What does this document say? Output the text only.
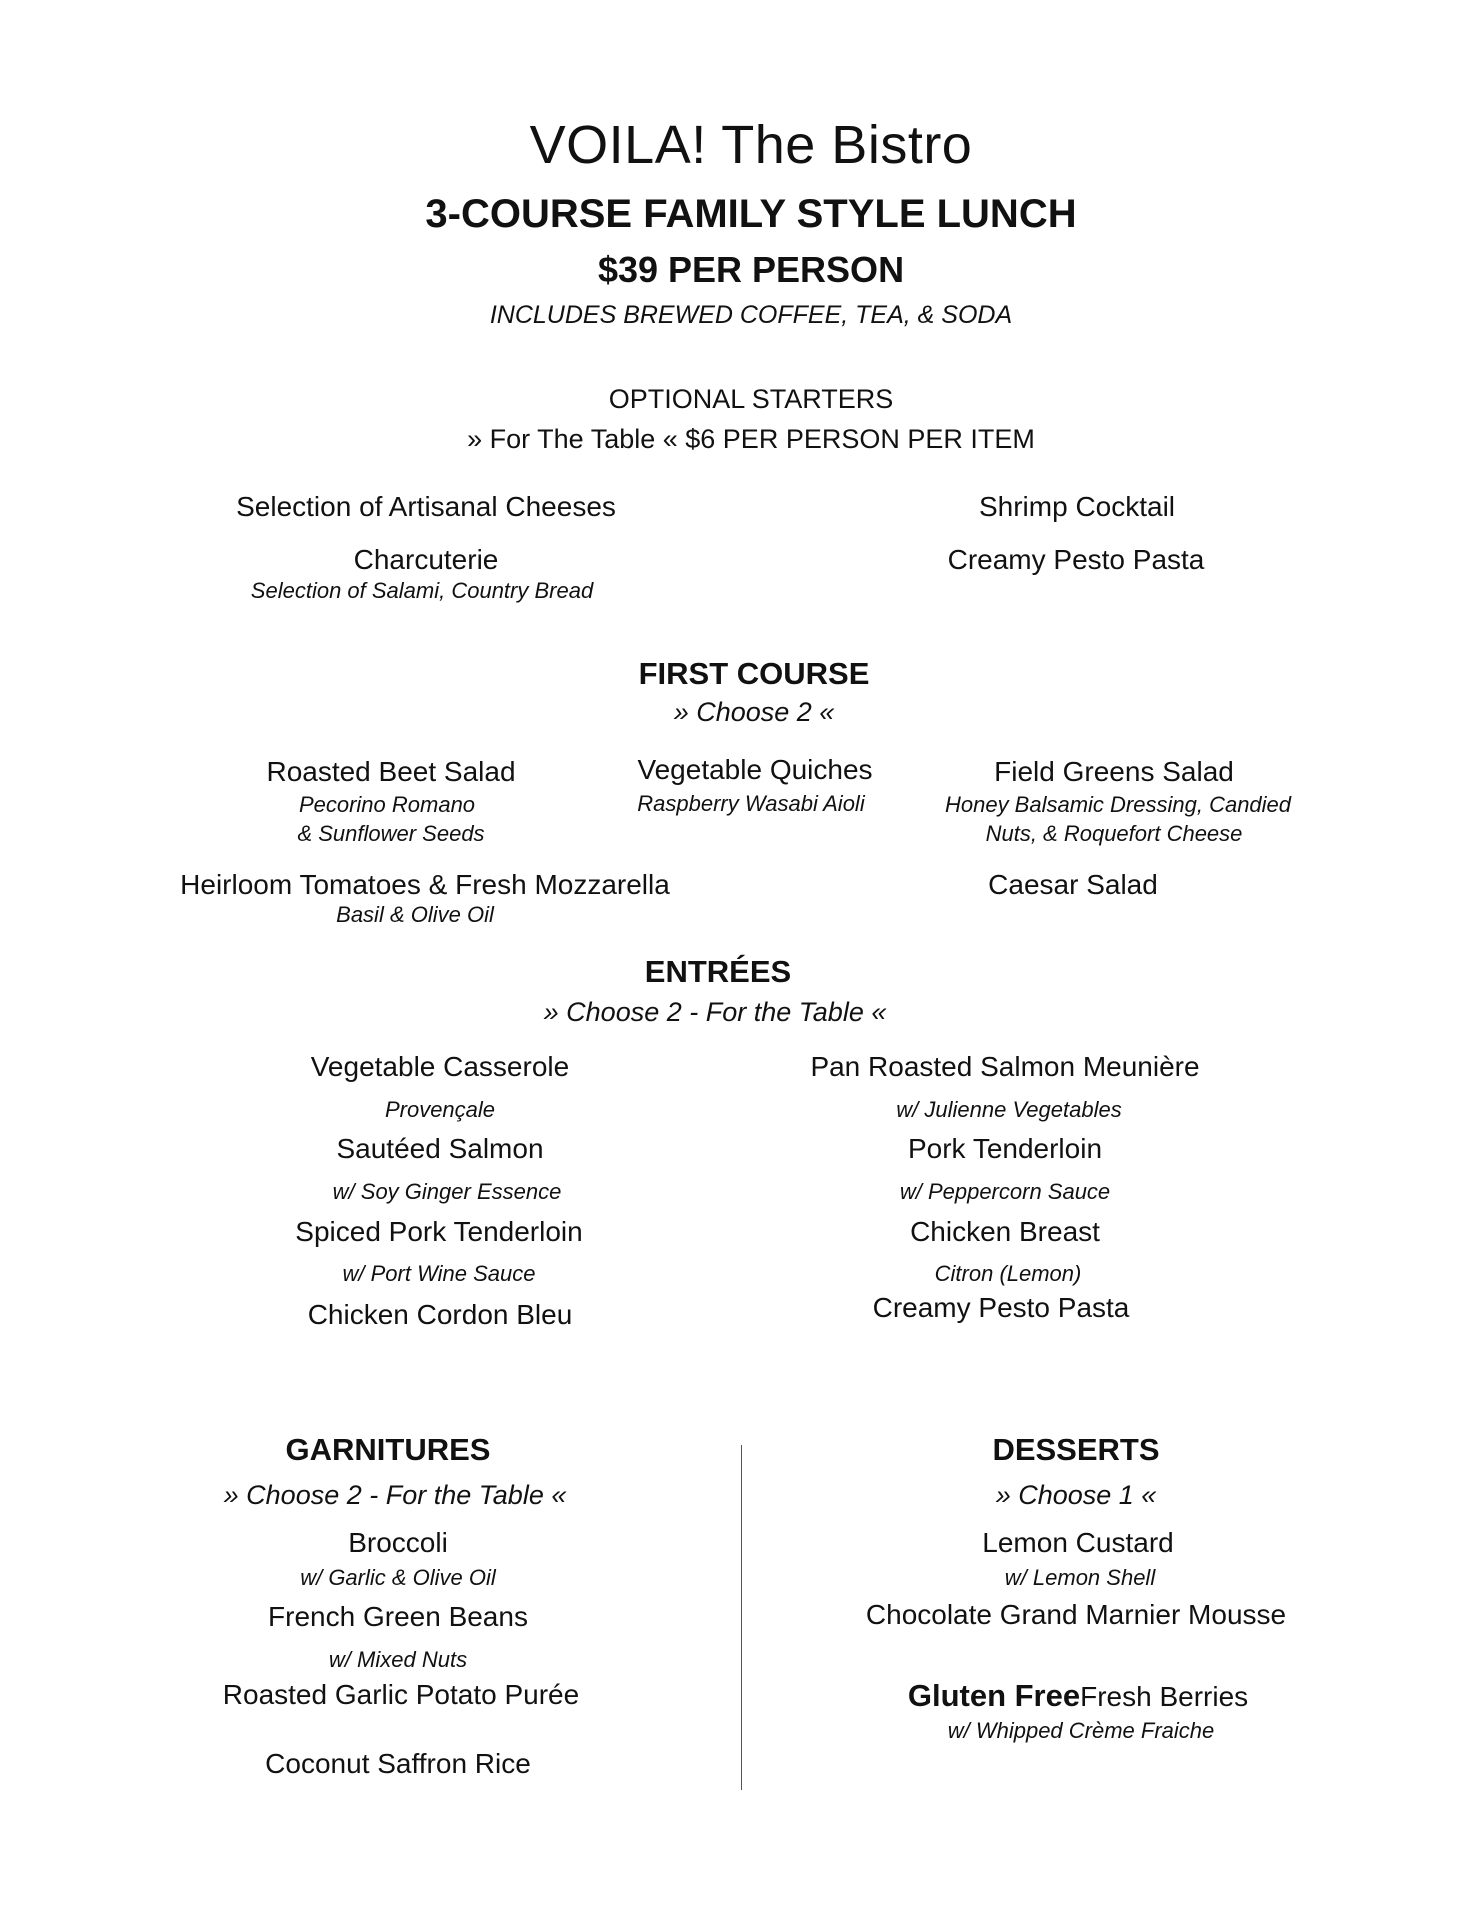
VOILA! The Bistro
3-COURSE FAMILY STYLE LUNCH
$39 PER PERSON
INCLUDES BREWED COFFEE, TEA, & SODA
OPTIONAL STARTERS
» For The Table « $6 PER PERSON PER ITEM
Selection of Artisanal Cheeses	Shrimp Cocktail
Charcuterie
Selection of Salami, Country Bread
Creamy Pesto Pasta
FIRST COURSE
» Choose 2 «
Roasted Beet Salad
Pecorino Romano
& Sunflower Seeds
Vegetable Quiches
Raspberry Wasabi Aioli
Field Greens Salad
Honey Balsamic Dressing, Candied
Nuts, & Roquefort Cheese
Heirloom Tomatoes & Fresh Mozzarella
Basil & Olive Oil
Caesar Salad
ENTRÉES
» Choose 2 - For the Table «
Vegetable Casserole
Provençale
Sautéed Salmon
w/ Soy Ginger Essence
Spiced Pork Tenderloin
w/ Port Wine Sauce
Chicken Cordon Bleu
Pan Roasted Salmon Meunière
w/ Julienne Vegetables
Pork Tenderloin
w/ Peppercorn Sauce
Chicken Breast
Citron (Lemon)
Creamy Pesto Pasta
GARNITURES
» Choose 2 - For the Table «
Broccoli
w/ Garlic & Olive Oil
French Green Beans
w/ Mixed Nuts
Roasted Garlic Potato Purée
Coconut Saffron Rice
DESSERTS
» Choose 1 «
Lemon Custard
w/ Lemon Shell
Chocolate Grand Marnier Mousse
Gluten FreeFresh Berries
w/ Whipped Crème Fraiche
